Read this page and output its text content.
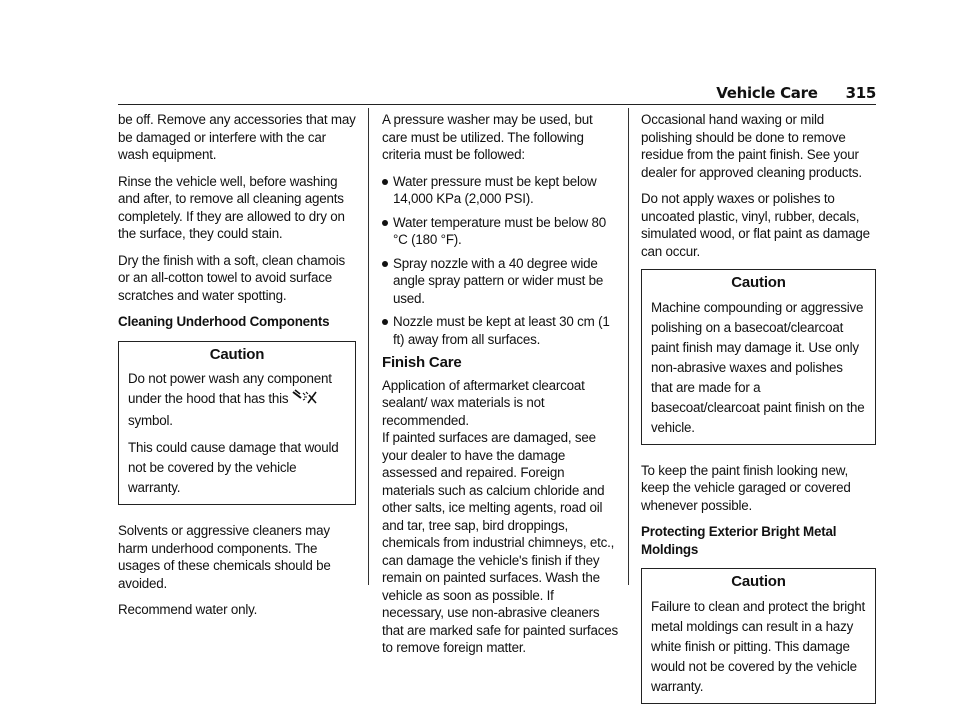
Vehicle Care 315

be off. Remove any accessories that may be damaged or interfere with the car wash equipment.

Rinse the vehicle well, before washing and after, to remove all cleaning agents completely. If they are allowed to dry on the surface, they could stain.

Dry the finish with a soft, clean chamois or an all-cotton towel to avoid surface scratches and water spotting.

Cleaning Underhood Components

Caution

Do not power wash any component under the hood that has this

symbol.

This could cause damage that would not be covered by the vehicle warranty.

Solvents or aggressive cleaners may harm underhood components. The usages of these chemicals should be avoided.

Recommend water only.

A pressure washer may be used, but care must be utilized. The following criteria must be followed:

Water pressure must be kept below 14,000 KPa (2,000 PSI).
Water temperature must be below 80 °C (180 °F).
Spray nozzle with a 40 degree wide angle spray pattern or wider must be used.
Nozzle must be kept at least 30 cm (1 ft) away from all surfaces.
Finish Care

Application of aftermarket clearcoat sealant/ wax materials is not recommended.

If painted surfaces are damaged, see your dealer to have the damage assessed and repaired. Foreign materials such as calcium chloride and other salts, ice melting agents, road oil and tar, tree sap, bird droppings, chemicals from industrial chimneys, etc., can damage the vehicle's finish if they remain on painted surfaces. Wash the vehicle as soon as possible. If necessary, use non-abrasive cleaners that are marked safe for painted surfaces to remove foreign matter.

Occasional hand waxing or mild polishing should be done to remove residue from the paint finish. See your dealer for approved cleaning products.

Do not apply waxes or polishes to uncoated plastic, vinyl, rubber, decals, simulated wood, or flat paint as damage can occur.

Caution

Machine compounding or aggressive polishing on a basecoat/clearcoat paint finish may damage it. Use only non-abrasive waxes and polishes that are made for a basecoat/clearcoat paint finish on the vehicle.

To keep the paint finish looking new, keep the vehicle garaged or covered whenever possible.

Protecting Exterior Bright Metal Moldings

Caution

Failure to clean and protect the bright metal moldings can result in a hazy white finish or pitting. This damage would not be covered by the vehicle warranty.
